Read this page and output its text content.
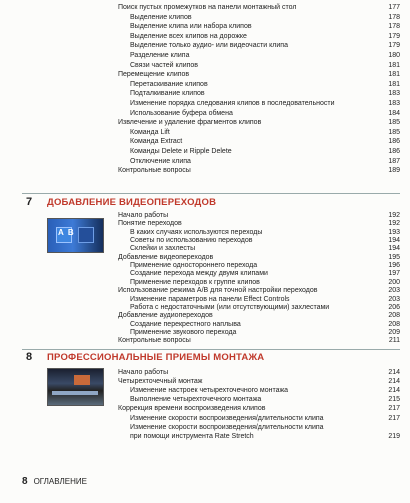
Поиск пустых промежутков на панели монтажный стол	177
Выделение клипов	178
Выделение клипа или набора клипов	178
Выделение всех клипов на дорожке	179
Выделение только аудио- или видеочасти клипа	179
Разделение клипа	180
Связи частей клипов	181
Перемещение клипов	181
Перетаскивание клипов	181
Подталкивание клипов	183
Изменение порядка следования клипов в последовательности	183
Использование буфера обмена	184
Извлечение и удаление фрагментов клипов	185
Команда Lift	185
Команда Extract	186
Команды Delete и Ripple Delete	186
Отключение клипа	187
Контрольные вопросы	189
7 ДОБАВЛЕНИЕ ВИДЕОПЕРЕХОДОВ
A  B
Начало работы	192
Понятие переходов	192
В каких случаях используются переходы	193
Советы по использованию переходов	194
Склейки и захлесты	194
Добавление видеопереходов	195
Применение одностороннего перехода	196
Создание перехода между двумя клипами	197
Применение переходов к группе клипов	200
Использование режима A/B для точной настройки переходов	203
Изменение параметров на панели Effect Controls	203
Работа с недостаточными (или отсутствующими) захлестами	206
Добавление аудиопереходов	208
Создание перекрестного наплыва	208
Применение звукового перехода	209
Контрольные вопросы	211
8 ПРОФЕССИОНАЛЬНЫЕ ПРИЕМЫ МОНТАЖА
Начало работы	214
Четырехточечный монтаж	214
Изменение настроек четырехточечного монтажа	214
Выполнение четырехточечного монтажа	215
Коррекция времени воспроизведения клипов	217
Изменение скорости воспроизведения/длительности клипа	217
Изменение скорости воспроизведения/длительности клипа
при помощи инструмента Rate Stretch	219
8 ОГЛАВЛЕНИЕ
